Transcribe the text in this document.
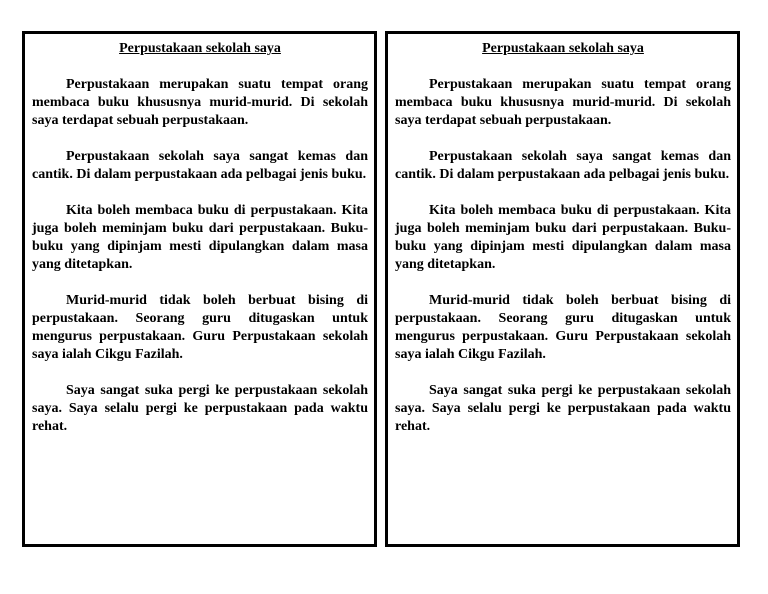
Perpustakaan sekolah saya

Perpustakaan merupakan suatu tempat orang membaca buku khususnya murid-murid. Di sekolah saya terdapat sebuah perpustakaan.

Perpustakaan sekolah saya sangat kemas dan cantik. Di dalam perpustakaan ada pelbagai jenis buku.

Kita boleh membaca buku di perpustakaan. Kita juga boleh meminjam buku dari perpustakaan. Buku-buku yang dipinjam mesti dipulangkan dalam masa yang ditetapkan.

Murid-murid tidak boleh berbuat bising di perpustakaan. Seorang guru ditugaskan untuk mengurus perpustakaan. Guru Perpustakaan sekolah saya ialah Cikgu Fazilah.

Saya sangat suka pergi ke perpustakaan sekolah saya. Saya selalu pergi ke perpustakaan pada waktu rehat.

Perpustakaan sekolah saya

Perpustakaan merupakan suatu tempat orang membaca buku khususnya murid-murid. Di sekolah saya terdapat sebuah perpustakaan.

Perpustakaan sekolah saya sangat kemas dan cantik. Di dalam perpustakaan ada pelbagai jenis buku.

Kita boleh membaca buku di perpustakaan. Kita juga boleh meminjam buku dari perpustakaan. Buku-buku yang dipinjam mesti dipulangkan dalam masa yang ditetapkan.

Murid-murid tidak boleh berbuat bising di perpustakaan. Seorang guru ditugaskan untuk mengurus perpustakaan. Guru Perpustakaan sekolah saya ialah Cikgu Fazilah.

Saya sangat suka pergi ke perpustakaan sekolah saya. Saya selalu pergi ke perpustakaan pada waktu rehat.
